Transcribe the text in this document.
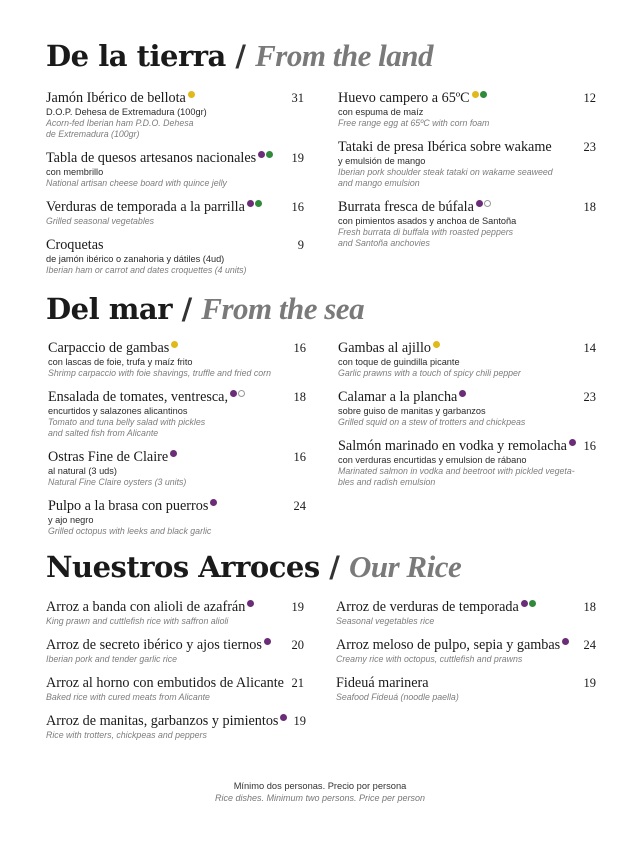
De la tierra / From the land
Jamón Ibérico de bellota	31
D.O.P. Dehesa de Extremadura (100gr)
Acorn-fed Iberian ham P.D.O. Dehesa
de Extremadura (100gr)
Tabla de quesos artesanos nacionales	19
con membrillo
National artisan cheese board with quince jelly
Verduras de temporada a la parrilla	16
Grilled seasonal vegetables
Croquetas	9
de jamón ibérico o zanahoria y dátiles (4ud)
Iberian ham or carrot and dates croquettes (4 units)
Huevo campero a 65ºC	12
con espuma de maíz
Free range egg at 65ºC with corn foam
Tataki de presa Ibérica sobre wakame	23
y emulsión de mango
Iberian pork shoulder steak tataki on wakame seaweed
and mango emulsion
Burrata fresca de búfala	18
con pimientos asados y anchoa de Santoña
Fresh burrata di buffala with roasted peppers
and Santoña anchovies
Del mar / From the sea
Carpaccio de gambas	16
con lascas de foie, trufa y maíz frito
Shrimp carpaccio with foie shavings, truffle and fried corn
Ensalada de tomates, ventresca,	18
encurtidos y salazones alicantinos
Tomato and tuna belly salad with pickles
and salted fish from Alicante
Ostras Fine de Claire	16
al natural (3 uds)
Natural Fine Claire oysters (3 units)
Pulpo a la brasa con puerros	24
y ajo negro
Grilled octopus with leeks and black garlic
Gambas al ajillo	14
con toque de guindilla picante
Garlic prawns with a touch of spicy chili pepper
Calamar a la plancha	23
sobre guiso de manitas y garbanzos
Grilled squid on a stew of trotters and chickpeas
Salmón marinado en vodka y remolacha	16
con verduras encurtidas y emulsion de rábano
Marinated salmon in vodka and beetroot with pickled vegeta-
bles and radish emulsion
Nuestros Arroces / Our Rice
Arroz a banda con alioli de azafrán	19
King prawn and cuttlefish rice with saffron alioli
Arroz de secreto ibérico y ajos tiernos	20
Iberian pork and tender garlic rice
Arroz al horno con embutidos de Alicante 21
Baked rice with cured meats from Alicante
Arroz de manitas, garbanzos y pimientos	19
Rice with trotters, chickpeas and peppers
Arroz de verduras de temporada	18
Seasonal vegetables rice
Arroz meloso de pulpo, sepia y gambas	24
Creamy rice with octopus, cuttlefish and prawns
Fideuá marinera	19
Seafood Fideuá (noodle paella)
Mínimo dos personas. Precio por persona
Rice dishes. Minimum two persons. Price per person
